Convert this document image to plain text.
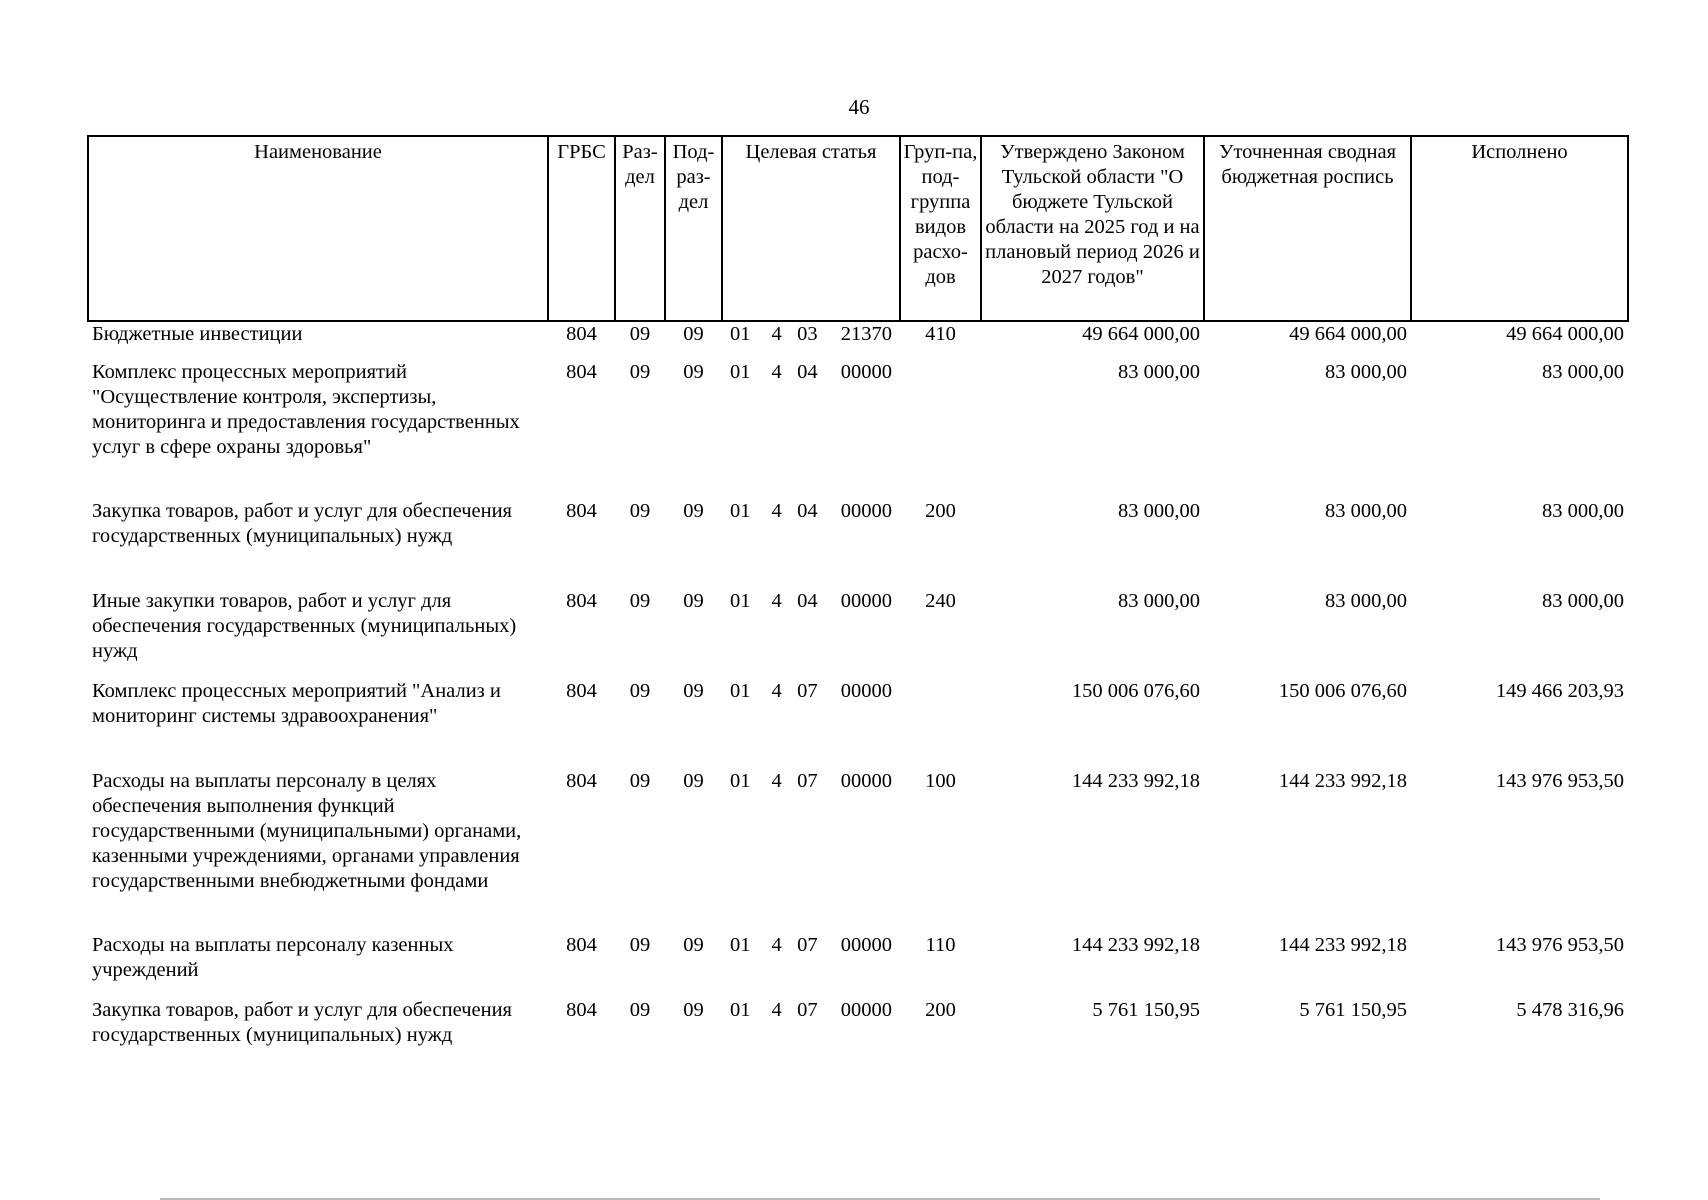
46
Наименование	ГРБС	Раз-дел	Под-раз-дел	Целевая статья	Груп-па, под-группа видов расхо-дов	Утверждено Законом Тульской области "О бюджете Тульской области на 2025 год и на плановый период 2026 и 2027 годов"	Уточненная сводная бюджетная роспись	Исполнено
Бюджетные инвестиции	804	09	09	01 4 03 21370	410	49 664 000,00	49 664 000,00	49 664 000,00
Комплекс процессных мероприятий "Осуществление контроля, экспертизы, мониторинга и предоставления государственных услуг в сфере охраны здоровья"	804	09	09	01 4 04 00000		83 000,00	83 000,00	83 000,00
Закупка товаров, работ и услуг для обеспечения государственных (муниципальных) нужд	804	09	09	01 4 04 00000	200	83 000,00	83 000,00	83 000,00
Иные закупки товаров, работ и услуг для обеспечения государственных (муниципальных) нужд	804	09	09	01 4 04 00000	240	83 000,00	83 000,00	83 000,00
Комплекс процессных мероприятий "Анализ и мониторинг системы здравоохранения"	804	09	09	01 4 07 00000		150 006 076,60	150 006 076,60	149 466 203,93
Расходы на выплаты персоналу в целях обеспечения выполнения функций государственными (муниципальными) органами, казенными учреждениями, органами управления государственными внебюджетными фондами	804	09	09	01 4 07 00000	100	144 233 992,18	144 233 992,18	143 976 953,50
Расходы на выплаты персоналу казенных учреждений	804	09	09	01 4 07 00000	110	144 233 992,18	144 233 992,18	143 976 953,50
Закупка товаров, работ и услуг для обеспечения государственных (муниципальных) нужд	804	09	09	01 4 07 00000	200	5 761 150,95	5 761 150,95	5 478 316,96
